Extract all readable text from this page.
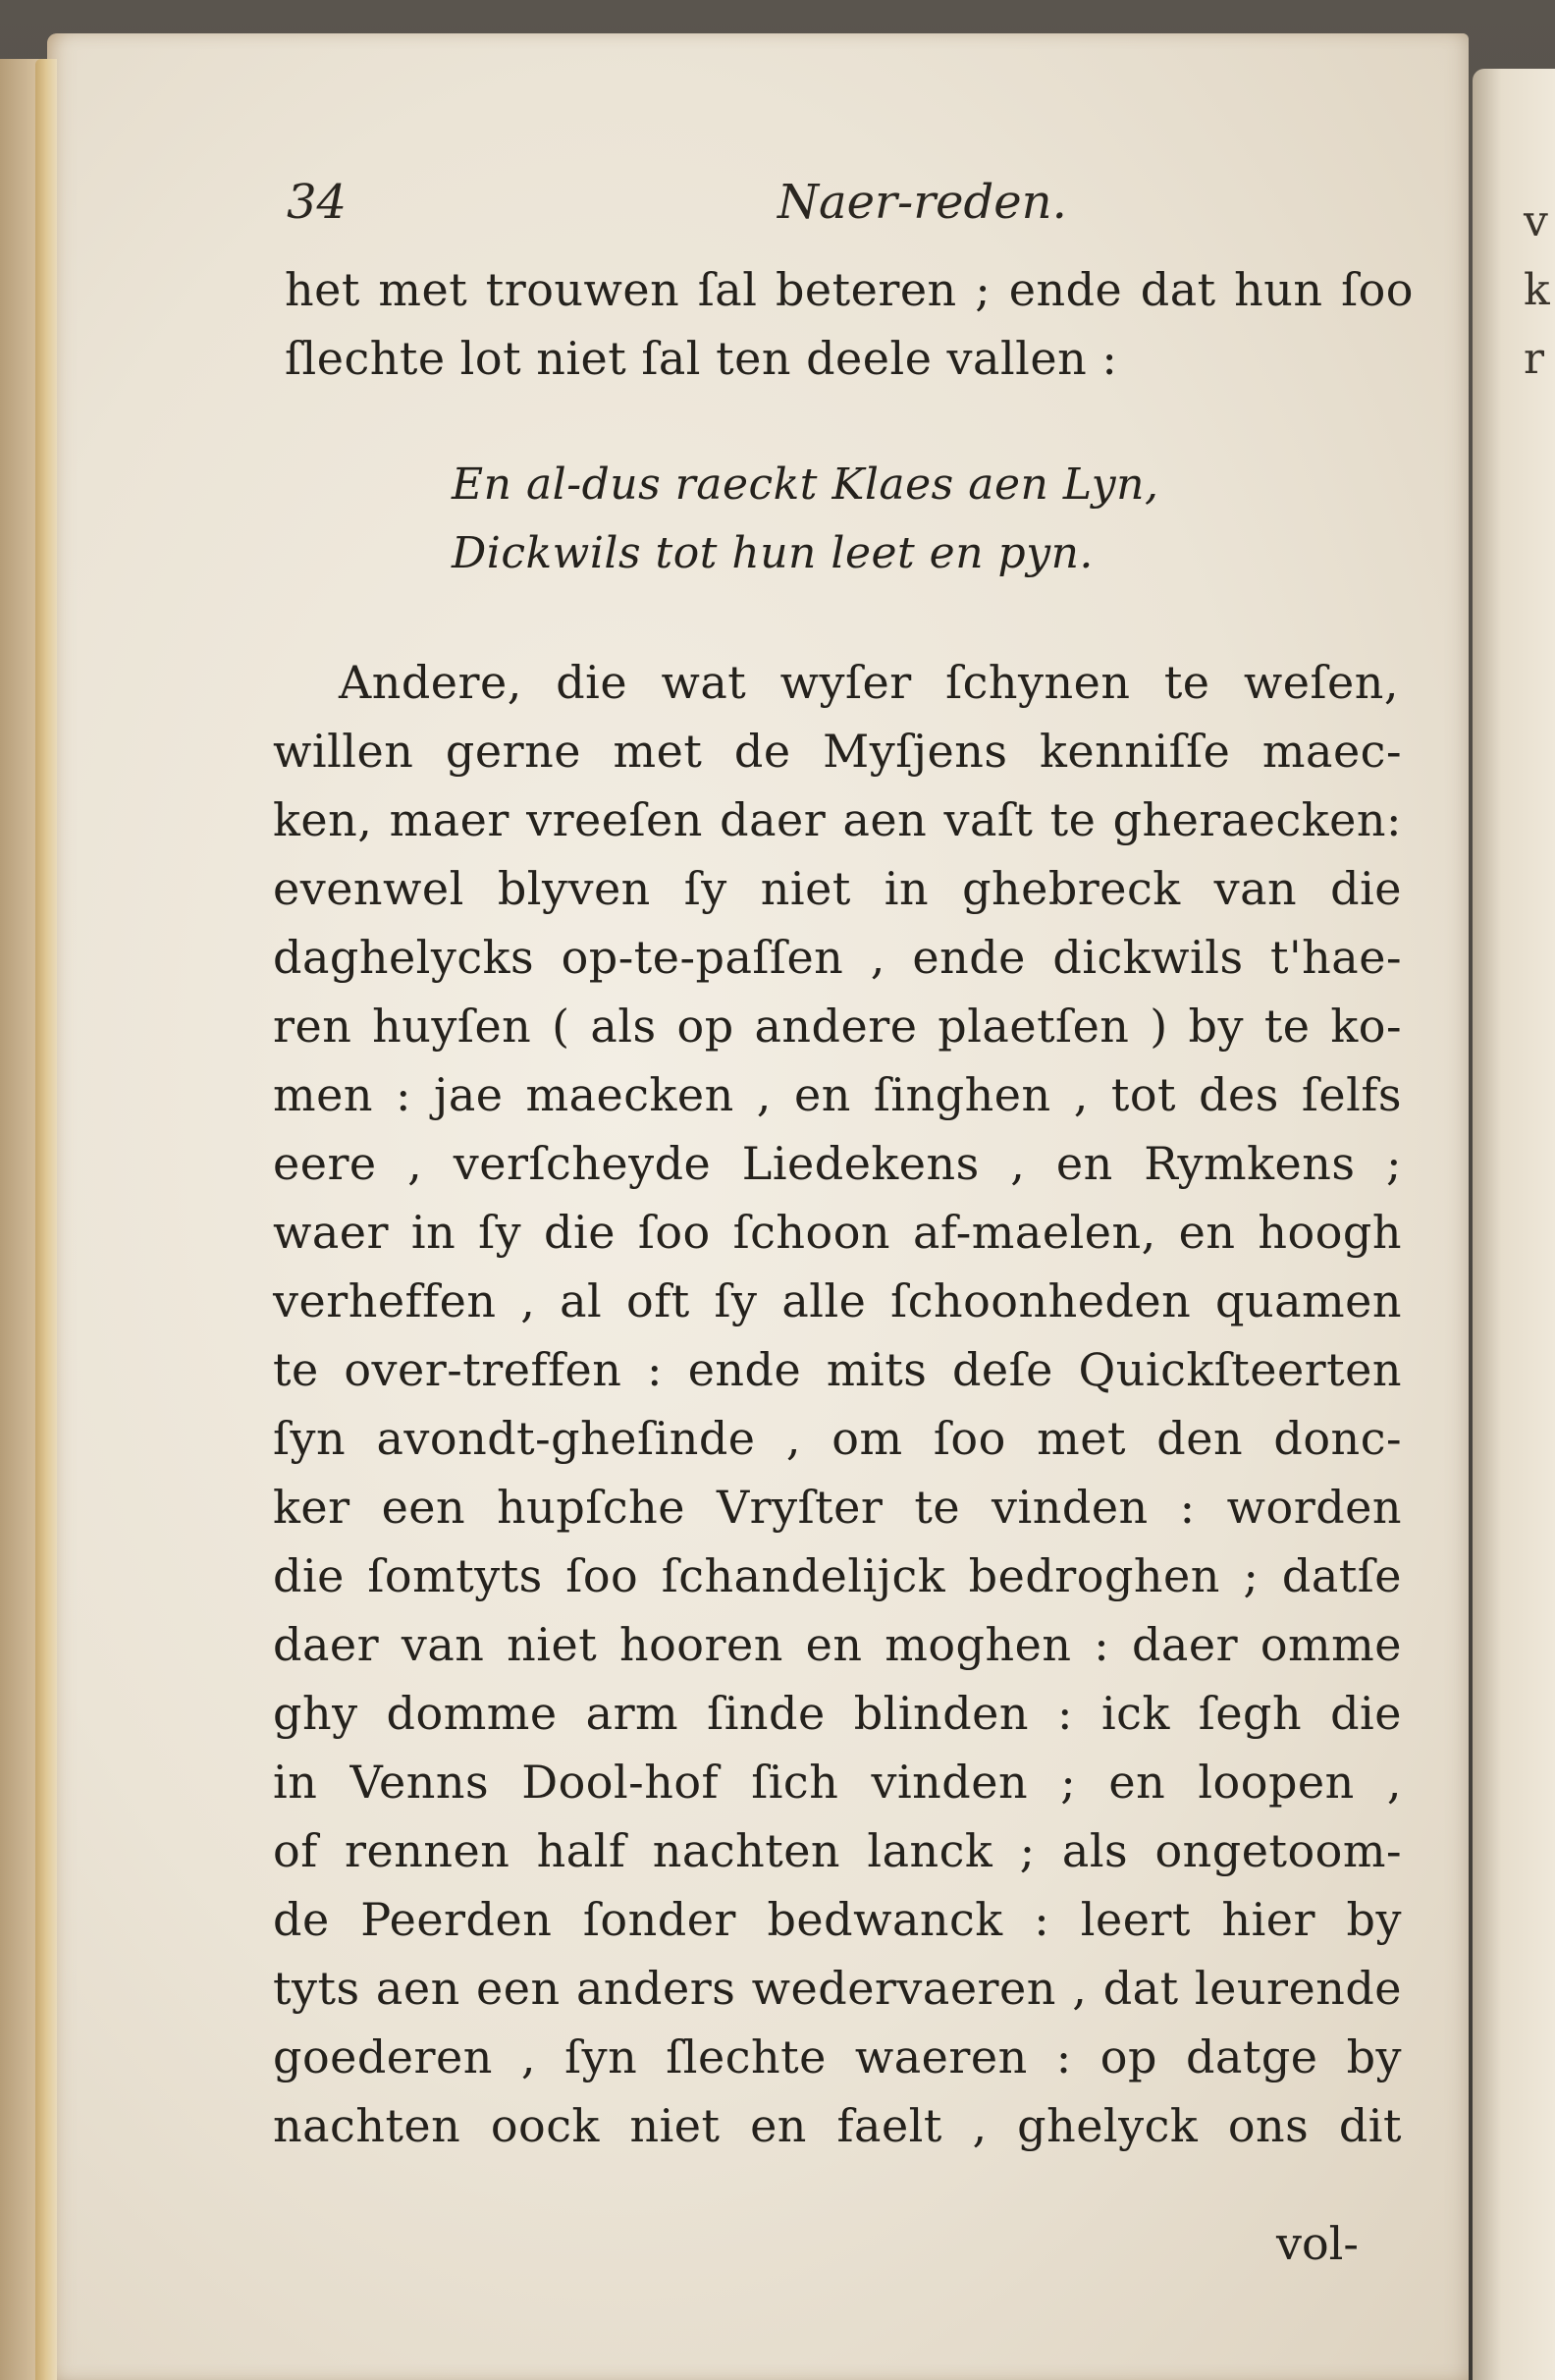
v
k
r
34	Naer-reden.
het met trouwen ſal beteren ; ende dat hun ſoo
ſlechte lot niet ſal ten deele vallen :
En al-dus raeckt Klaes aen Lyn,
Dickwils tot hun leet en pyn.
Andere, die wat wyſer ſchynen te weſen,
willen gerne met de Myſjens kenniſſe maec-
ken, maer vreeſen daer aen vaſt te gheraecken:
evenwel blyven ſy niet in ghebreck van die
daghelycks op-te-paſſen , ende dickwils t'hae-
ren huyſen ( als op andere plaetſen ) by te ko-
men : jae maecken , en ſinghen , tot des ſelfs
eere , verſcheyde Liedekens , en Rymkens ;
waer in ſy die ſoo ſchoon af-maelen, en hoogh
verheffen , al oft ſy alle ſchoonheden quamen
te over-treffen : ende mits deſe Quickſteerten
ſyn avondt-gheſinde , om ſoo met den donc-
ker een hupſche Vryſter te vinden : worden
die ſomtyts ſoo ſchandelijck bedroghen ; datſe
daer van niet hooren en moghen : daer omme
ghy domme arm ſinde blinden : ick ſegh die
in Venns Dool-hof ſich vinden ; en loopen ,
of rennen half nachten lanck ; als ongetoom-
de Peerden ſonder bedwanck : leert hier by
tyts aen een anders wedervaeren , dat leurende
goederen , ſyn ſlechte waeren : op datge by
nachten oock niet en faelt , ghelyck ons dit
vol-
